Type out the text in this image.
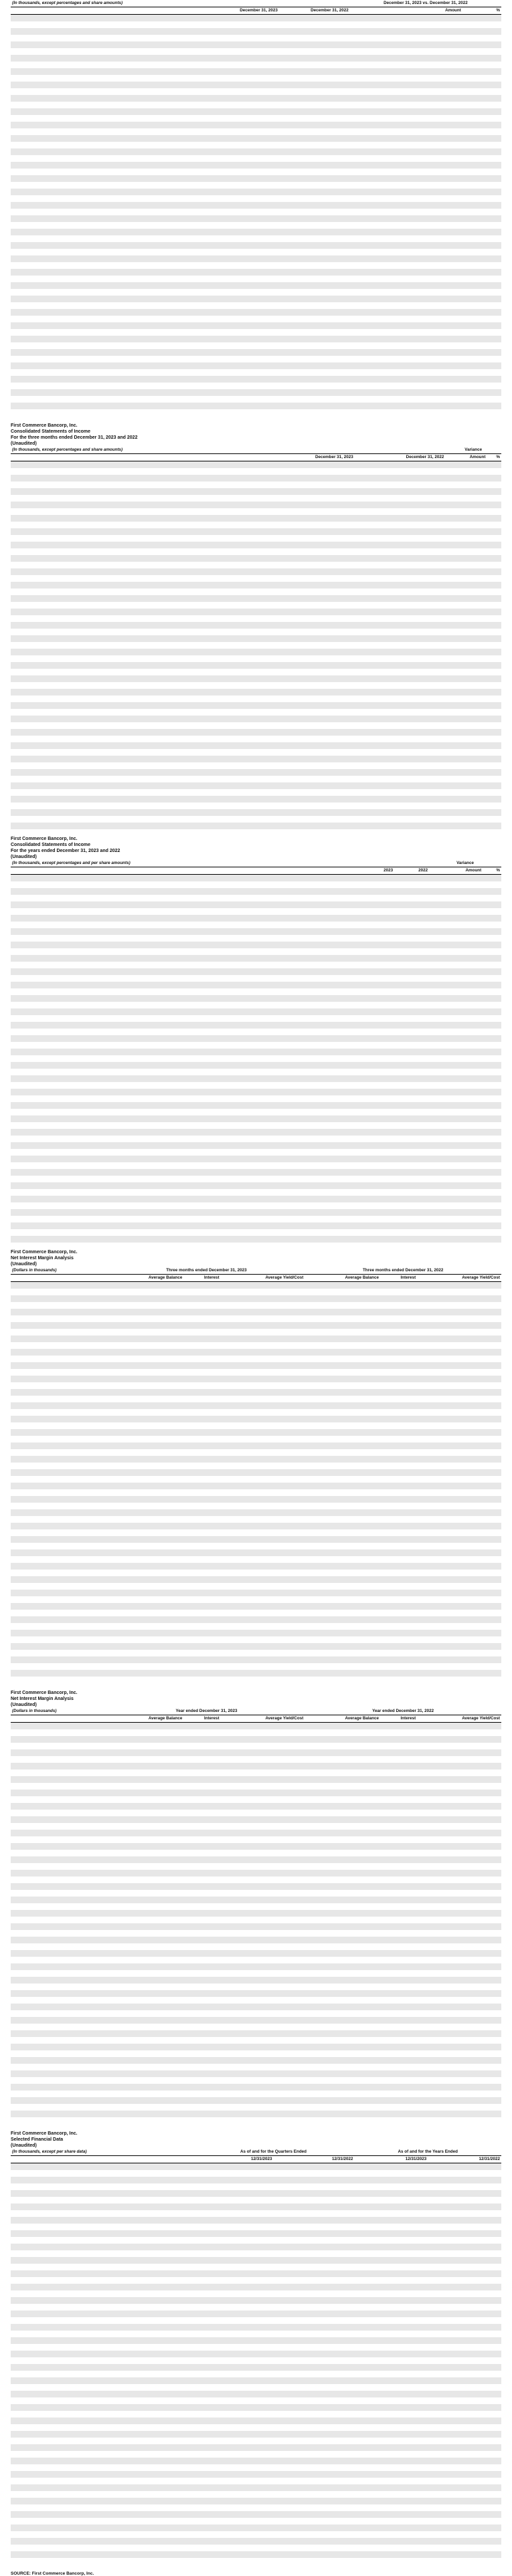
(In thousands, except percentages and share amounts)			December 31, 2023 vs. December 31, 2022	
	December 31, 2023	December 31, 2022	Amount	%

First Commerce Bancorp, Inc.
Consolidated Statements of Income
For the three months ended December 31, 2023 and 2022
(Unaudited)
(In thousands, except percentages and share amounts)			Variance	
	December 31, 2023	December 31, 2022	Amount	%

First Commerce Bancorp, Inc.
Consolidated Statements of Income
For the years ended December 31, 2023 and 2022
(Unaudited)
(In thousands, except percentages and per share amounts)			Variance	
	2023	2022	Amount	%

First Commerce Bancorp, Inc.
Net Interest Margin Analysis
(Unaudited)
(Dollars in thousands)	Three months ended December 31, 2023			Three months ended December 31, 2022		
	Average Balance	Interest	Average Yield/Cost	Average Balance	Interest	Average Yield/Cost

First Commerce Bancorp, Inc.
Net Interest Margin Analysis
(Unaudited)
(Dollars in thousands)	Year ended December 31, 2023			Year ended December 31, 2022		
	Average Balance	Interest	Average Yield/Cost	Average Balance	Interest	Average Yield/Cost

First Commerce Bancorp, Inc.
Selected Financial Data
(Unaudited)
(In thousands, except per share data)	As of and for the Quarters Ended		As of and for the Years Ended	
	12/31/2023	12/31/2022	12/31/2023	12/31/2022

SOURCE: First Commerce Bancorp, Inc.
